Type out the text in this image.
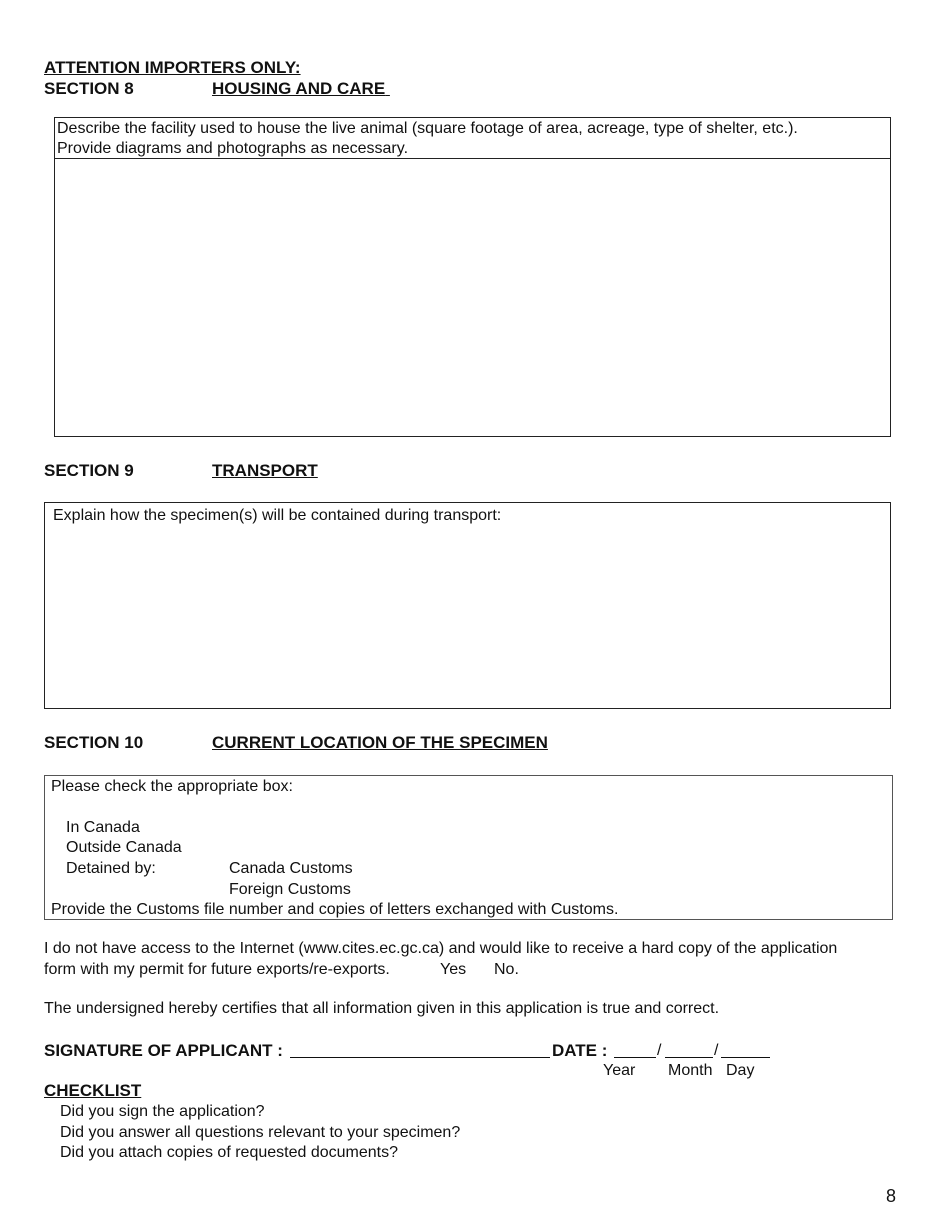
ATTENTION IMPORTERS ONLY:
SECTION 8	HOUSING AND CARE
Describe the facility used to house the live animal (square footage of area, acreage, type of shelter, etc.).
Provide diagrams and photographs as necessary.
SECTION 9	TRANSPORT
Explain how the specimen(s) will be contained during transport:
SECTION 10	CURRENT LOCATION OF THE SPECIMEN
Please check the appropriate box:
In Canada
Outside Canada
Detained by:	Canada Customs
Foreign Customs
Provide the Customs file number and copies of letters exchanged with Customs.
I do not have access to the Internet (www.cites.ec.gc.ca) and would like to receive a hard copy of the application
form with my permit for future exports/re-exports.	Yes No.
The undersigned hereby certifies that all information given in this application is true and correct.
SIGNATURE OF APPLICANT :	DATE :	/	/
Year Month Day
CHECKLIST
Did you sign the application?
Did you answer all questions relevant to your specimen?
Did you attach copies of requested documents?
8
